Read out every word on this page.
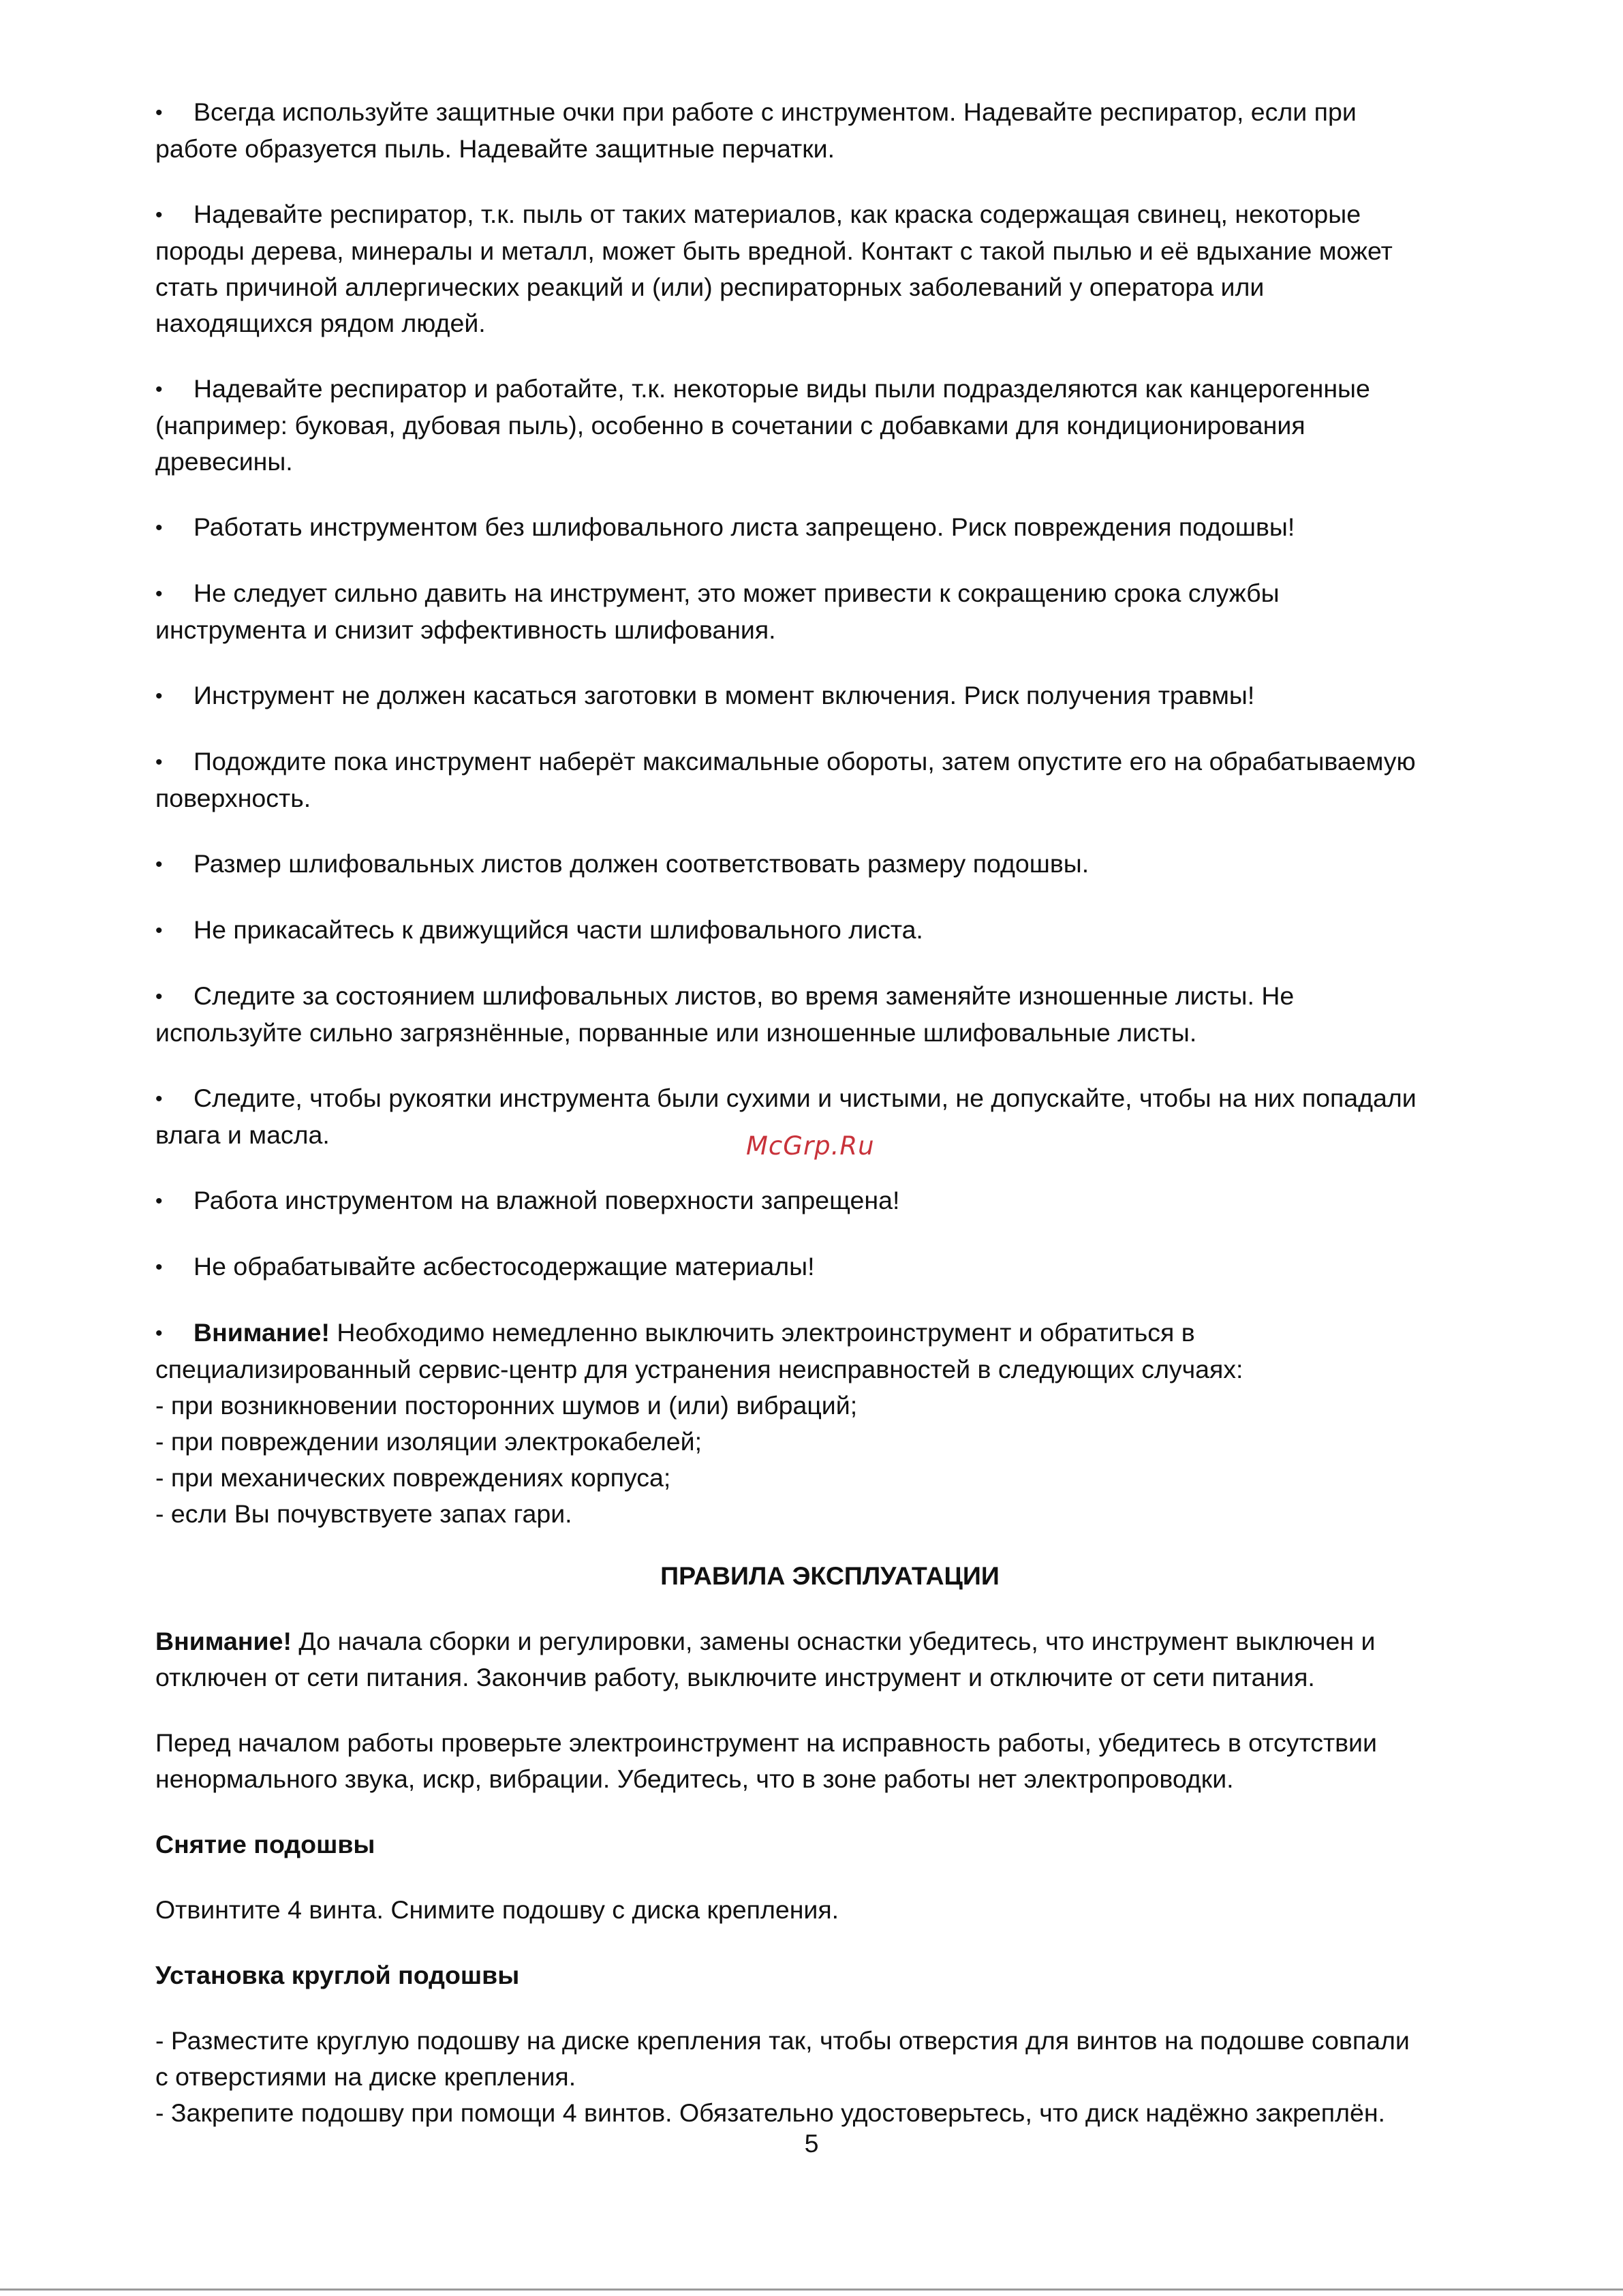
• Всегда используйте защитные очки при работе с инструментом. Надевайте респиратор, если при
работе образуется пыль. Надевайте защитные перчатки.
• Надевайте респиратор, т.к. пыль от таких материалов, как краска содержащая свинец, некоторые
породы дерева, минералы и металл, может быть вредной. Контакт с такой пылью и её вдыхание может
стать причиной аллергических реакций и (или) респираторных заболеваний у оператора или
находящихся рядом людей.
• Надевайте респиратор и работайте, т.к. некоторые виды пыли подразделяются как канцерогенные
(например: буковая, дубовая пыль), особенно в сочетании с добавками для кондиционирования
древесины.
• Работать инструментом без шлифовального листа запрещено. Риск повреждения подошвы!
• Не следует сильно давить на инструмент, это может привести к сокращению срока службы
инструмента и снизит эффективность шлифования.
• Инструмент не должен касаться заготовки в момент включения. Риск получения травмы!
• Подождите пока инструмент наберёт максимальные обороты, затем опустите его на обрабатываемую
поверхность.
• Размер шлифовальных листов должен соответствовать размеру подошвы.
• Не прикасайтесь к движущийся части шлифовального листа.
• Следите за состоянием шлифовальных листов, во время заменяйте изношенные листы. Не
используйте сильно загрязнённые, порванные или изношенные шлифовальные листы.
• Следите, чтобы рукоятки инструмента были сухими и чистыми, не допускайте, чтобы на них попадали
влага и масла.
• Работа инструментом на влажной поверхности запрещена!
• Не обрабатывайте асбестосодержащие материалы!
• Внимание! Необходимо немедленно выключить электроинструмент и обратиться в
специализированный сервис-центр для устранения неисправностей в следующих случаях:
- при возникновении посторонних шумов и (или) вибраций;
- при повреждении изоляции электрокабелей;
- при механических повреждениях корпуса;
- если Вы почувствуете запах гари.
ПРАВИЛА ЭКСПЛУАТАЦИИ
Внимание! До начала сборки и регулировки, замены оснастки убедитесь, что инструмент выключен и
отключен от сети питания. Закончив работу, выключите инструмент и отключите от сети питания.
Перед началом работы проверьте электроинструмент на исправность работы, убедитесь в отсутствии
ненормального звука, искр, вибрации. Убедитесь, что в зоне работы нет электропроводки.
Снятие подошвы
Отвинтите 4 винта. Снимите подошву с диска крепления.
Установка круглой подошвы
- Разместите круглую подошву на диске крепления так, чтобы отверстия для винтов на подошве совпали
с отверстиями на диске крепления.
- Закрепите подошву при помощи 4 винтов. Обязательно удостоверьтесь, что диск надёжно закреплён.
McGrp.Ru
5
